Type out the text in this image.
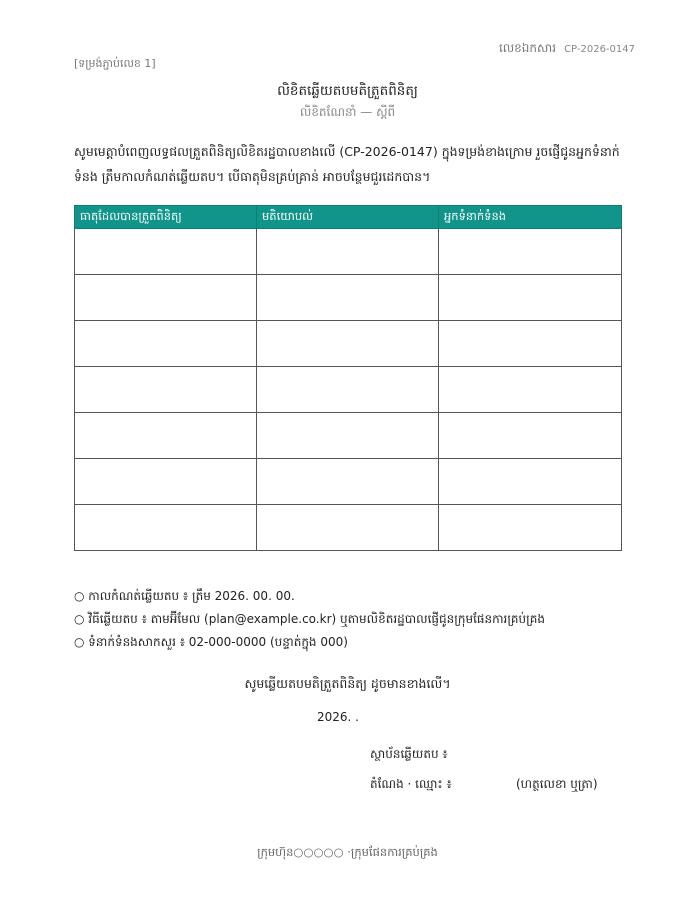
លេខឯកសារ CP-2026-0147
[ទម្រង់ភ្ជាប់លេខ 1]
លិខិតឆ្លើយតបមតិត្រួតពិនិត្យ
លិខិតណែនាំ — ស្តីពី
សូមមេត្តាបំពេញលទ្ធផលត្រួតពិនិត្យលិខិតរដ្ឋបាលខាងលើ (CP-2026-0147) ក្នុងទម្រង់ខាងក្រោម រួចផ្ញើជូនអ្នកទំនាក់ទំនង ត្រឹមកាលកំណត់ឆ្លើយតប។ បើធាតុមិនគ្រប់គ្រាន់ អាចបន្ថែមជួរដេកបាន។
ធាតុដែលបានត្រួតពិនិត្យ	មតិយោបល់	អ្នកទំនាក់ទំនង

○ កាលកំណត់ឆ្លើយតប ៖ ត្រឹម 2026. 00. 00.
○ វិធីឆ្លើយតប ៖ តាមអ៊ីមែល (plan@example.co.kr) ឬតាមលិខិតរដ្ឋបាលផ្ញើជូនក្រុមផែនការគ្រប់គ្រង
○ ទំនាក់ទំនងសាកសួរ ៖ 02-000-0000 (បន្ទាត់ក្នុង 000)
សូមឆ្លើយតបមតិត្រួតពិនិត្យ ដូចមានខាងលើ។
2026. .
ស្ថាប័នឆ្លើយតប ៖
តំណែង · ឈ្មោះ ៖	(ហត្ថលេខា ឬត្រា)
ក្រុមហ៊ុន○○○○○ ·ក្រុមផែនការគ្រប់គ្រង
